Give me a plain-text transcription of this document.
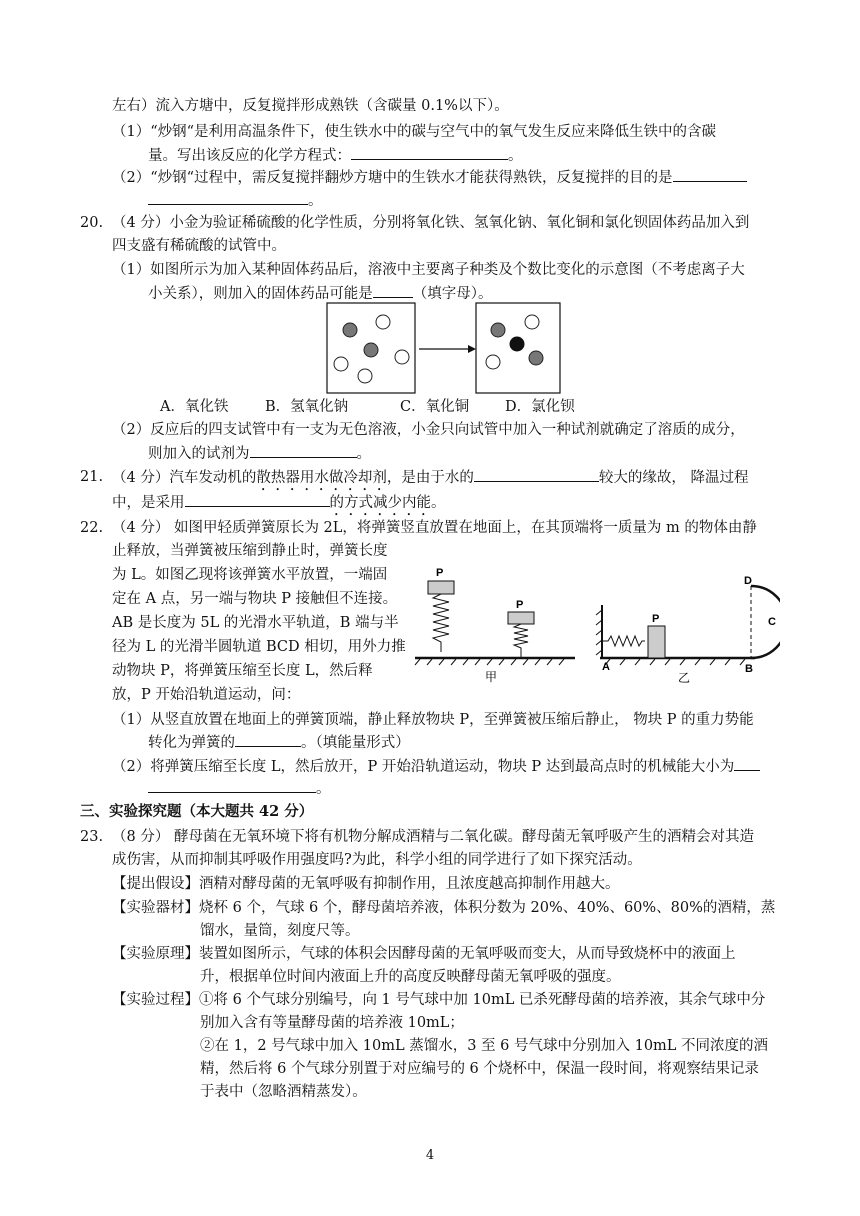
左右）流入方塘中，反复搅拌形成熟铁（含碳量 0.1%以下）。
（1）“炒钢“是利用高温条件下，使生铁水中的碳与空气中的氧气发生反应来降低生铁中的含碳
量。写出该反应的化学方程式：	。
（2）“炒钢“过程中，需反复搅拌翻炒方塘中的生铁水才能获得熟铁，反复搅拌的目的是
。
20. （4 分）小金为验证稀硫酸的化学性质，分别将氧化铁、氢氧化钠、氧化铜和氯化钡固体药品加入到
四支盛有稀硫酸的试管中。
（1）如图所示为加入某种固体药品后，溶液中主要离子种类及个数比变化的示意图（不考虑离子大
小关系），则加入的固体药品可能是	（填字母）。
A．氧化铁	B．氢氧化钠	C．氧化铜 D．氯化钡
（2）反应后的四支试管中有一支为无色溶液，小金只向试管中加入一种试剂就确定了溶质的成分，
则加入的试剂为	。
21. （4 分）汽车发动机的散热器用水做冷却剂，是由于水的	较大的缘故， 降温过程
中，是采用	的方式减少内能。
22. （4 分） 如图甲轻质弹簧原长为 2L，将弹簧竖直放置在地面上，在其顶端将一质量为 m 的物体由静
止释放，当弹簧被压缩到静止时，弹簧长度
为 L。如图乙现将该弹簧水平放置，一端固
定在 A 点，另一端与物块 P 接触但不连接。
AB 是长度为 5L 的光滑水平轨道，B 端与半
径为 L 的光滑半圆轨道 BCD 相切，用外力推
动物块 P，将弹簧压缩至长度 L，然后释
放，P 开始沿轨道运动，问：
P
P
甲
P
A	B
C
D
乙
（1）从竖直放置在地面上的弹簧顶端，静止释放物块 P，至弹簧被压缩后静止， 物块 P 的重力势能
转化为弹簧的	。（填能量形式）
（2）将弹簧压缩至长度 L，然后放开，P 开始沿轨道运动，物块 P 达到最高点时的机械能大小为
。
三、实验探究题（本大题共 42 分）
23. （8 分） 酵母菌在无氧环境下将有机物分解成酒精与二氧化碳。酵母菌无氧呼吸产生的酒精会对其造
成伤害，从而抑制其呼吸作用强度吗?为此，科学小组的同学进行了如下探究活动。
【提出假设】酒精对酵母菌的无氧呼吸有抑制作用，且浓度越高抑制作用越大。
【实验器材】烧杯 6 个，气球 6 个，酵母菌培养液，体积分数为 20%、40%、60%、80%的酒精，蒸
馏水，量筒，刻度尺等。
【实验原理】装置如图所示，气球的体积会因酵母菌的无氧呼吸而变大，从而导致烧杯中的液面上
升，根据单位时间内液面上升的高度反映酵母菌无氧呼吸的强度。
【实验过程】①将 6 个气球分别编号，向 1 号气球中加 10mL 已杀死酵母菌的培养液，其余气球中分
别加入含有等量酵母菌的培养液 10mL；
②在 1，2 号气球中加入 10mL 蒸馏水，3 至 6 号气球中分别加入 10mL 不同浓度的酒
精，然后将 6 个气球分别置于对应编号的 6 个烧杯中，保温一段时间，将观察结果记录
于表中（忽略酒精蒸发）。
4
